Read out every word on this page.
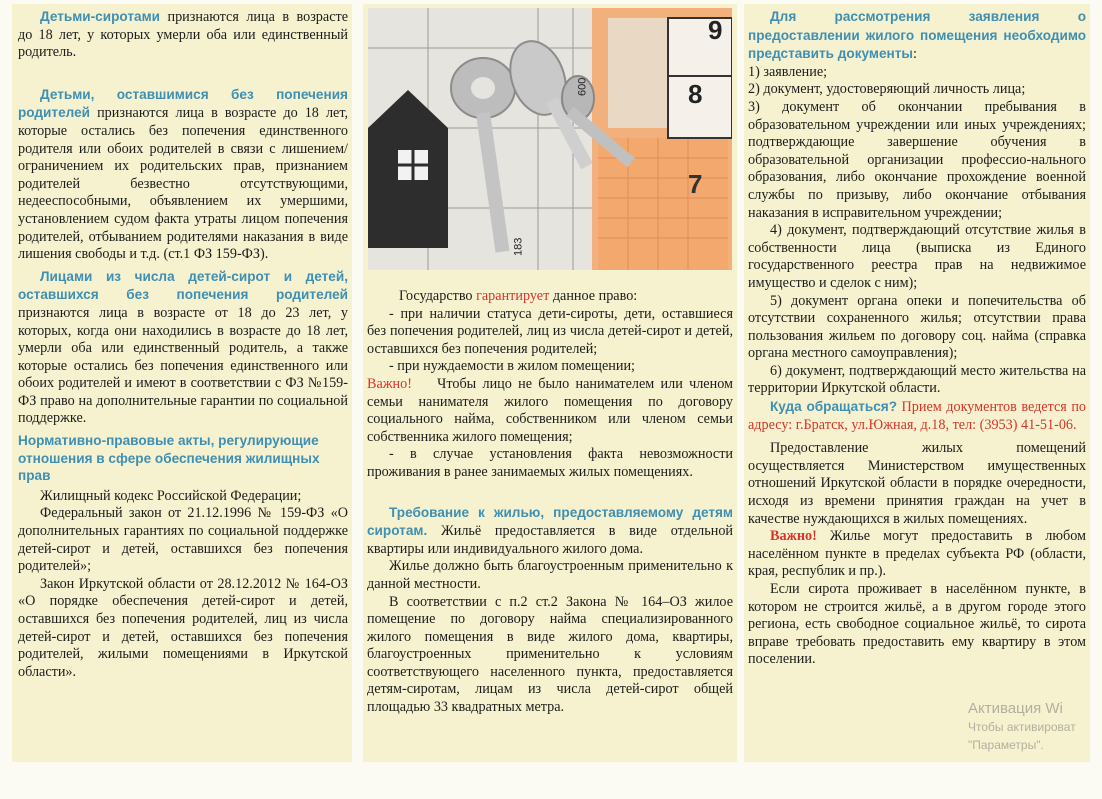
Детьми-сиротами признаются лица в возрасте до 18 лет, у которых умерли оба или единственный родитель.

Детьми, оставшимися без попечения родителей признаются лица в возрасте до 18 лет, которые остались без попечения единственного родителя или обоих родителей в связи с лишением/ограничением их родительских прав, признанием родителей безвестно отсутствующими, недееспособными, объявлением их умершими, установлением судом факта утраты лицом попечения родителей, отбыванием родителями наказания в виде лишения свободы и т.д. (ст.1 ФЗ 159-ФЗ).

Лицами из числа детей-сирот и детей, оставшихся без попечения родителей признаются лица в возрасте от 18 до 23 лет, у которых, когда они находились в возрасте до 18 лет, умерли оба или единственный родитель, а также которые остались без попечения единственного или обоих родителей и имеют в соответствии с ФЗ №159-ФЗ право на дополнительные гарантии по социальной поддержке.

Нормативно-правовые акты, регулирующие отношения в сфере обеспечения жилищных прав

Жилищный кодекс Российской Федерации;

Федеральный закон от 21.12.1996 № 159-ФЗ «О дополнительных гарантиях по социальной поддержке детей-сирот и детей, оставшихся без попечения родителей»;

Закон Иркутской области от 28.12.2012 № 164-ОЗ «О порядке обеспечения детей-сирот и детей, оставшихся без попечения родителей, лиц из числа детей-сирот и детей, оставшихся без попечения родителей, жилыми помещениями в Иркутской области».

9
8
7
600
183

Государство гарантирует данное право:

- при наличии статуса дети-сироты, дети, оставшиеся без попечения родителей, лиц из числа детей-сирот и детей, оставшихся без попечения родителей;

- при нуждаемости в жилом помещении;

Важно! Чтобы лицо не было нанимателем или членом семьи нанимателя жилого помещения по договору социального найма, собственником или членом семьи собственника жилого помещения;

- в случае установления факта невозможности проживания в ранее занимаемых жилых помещениях.

Требование к жилью, предоставляемому детям сиротам. Жильё предоставляется в виде отдельной квартиры или индивидуального жилого дома.

Жилье должно быть благоустроенным применительно к данной местности.

В соответствии с п.2 ст.2 Закона № 164–ОЗ жилое помещение по договору найма специализированного жилого помещения в виде жилого дома, квартиры, благоустроенных применительно к условиям соответствующего населенного пункта, предоставляется детям-сиротам, лицам из числа детей-сирот общей площадью 33 квадратных метра.

Для рассмотрения заявления о предоставлении жилого помещения необходимо представить документы:

1) заявление;

2) документ, удостоверяющий личность лица;

3) документ об окончании пребывания в образовательном учреждении или иных учреждениях; подтверждающие завершение обучения в образовательной организации профессио-нального образования, либо окончание прохождение военной службы по призыву, либо окончание отбывания наказания в исправительном учреждении;

4) документ, подтверждающий отсутствие жилья в собственности лица (выписка из Единого государственного реестра прав на недвижимое имущество и сделок с ним);

5) документ органа опеки и попечительства об отсутствии сохраненного жилья; отсутствии права пользования жильем по договору соц. найма (справка органа местного самоуправления);

6) документ, подтверждающий место жительства на территории Иркутской области.

Куда обращаться? Прием документов ведется по адресу: г.Братск, ул.Южная, д.18, тел: (3953) 41-51-06.

Предоставление жилых помещений осуществляется Министерством имущественных отношений Иркутской области в порядке очередности, исходя из времени принятия граждан на учет в качестве нуждающихся в жилых помещениях.

Важно! Жилье могут предоставить в любом населённом пункте в пределах субъекта РФ (области, края, республик и пр.).

Если сирота проживает в населённом пункте, в котором не строится жильё, а в другом городе этого региона, есть свободное социальное жильё, то сирота вправе требовать предоставить ему квартиру в этом поселении.

Активация Wi
Чтобы активироват
"Параметры".
